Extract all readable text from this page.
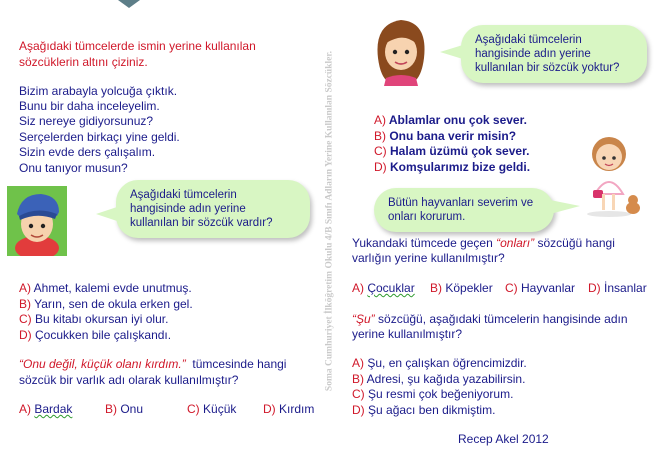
Aşağıdaki tümcelerde ismin yerine kullanılan
sözcüklerin altını çiziniz.
Bizim arabayla yolcuğa çıktık.
Bunu bir daha inceleyelim.
Siz nereye gidiyorsunuz?
Serçelerden birkaçı yine geldi.
Sizin evde ders çalışalım.
Onu tanıyor musun?
Aşağıdaki tümcelerin
hangisinde adın yerine
kullanılan bir sözcük vardır?
A) Ahmet, kalemi evde unutmuş.
B) Yarın, sen de okula erken gel.
C) Bu kitabı okursan iyi olur.
D) Çocukken bile çalışkandı.
“Onu değil, küçük olanı kırdım.” tümcesinde hangi
sözcük bir varlık adı olarak kullanılmıştır?
A) Bardak	B) Onu	C) Küçük D) Kırdım
Soma Cumhuriyet İlköğretim Okulu 4/B Sınıfı Adların Yerine Kullanılan Sözcükler.
Aşağıdaki tümcelerin
hangisinde adın yerine
kullanılan bir sözcük yoktur?
A) Ablamlar onu çok sever.
B) Onu bana verir misin?
C) Halam üzümü çok sever.
D) Komşularımız bize geldi.
Bütün hayvanları severim ve
onları korurum.
Yukandaki tümcede geçen “onları” sözcüğü hangi
varlığın yerine kullanılmıştır?
A) Çocuklar B) Köpekler C) Hayvanlar D) İnsanlar
“Şu” sözcüğü, aşağıdaki tümcelerin hangisinde adın
yerine kullanılmıştır?
A) Şu, en çalışkan öğrencimizdir.
B) Adresi, şu kağıda yazabilirsin.
C) Şu resmi çok beğeniyorum.
D) Şu ağacı ben dikmiştim.
Recep Akel 2012
